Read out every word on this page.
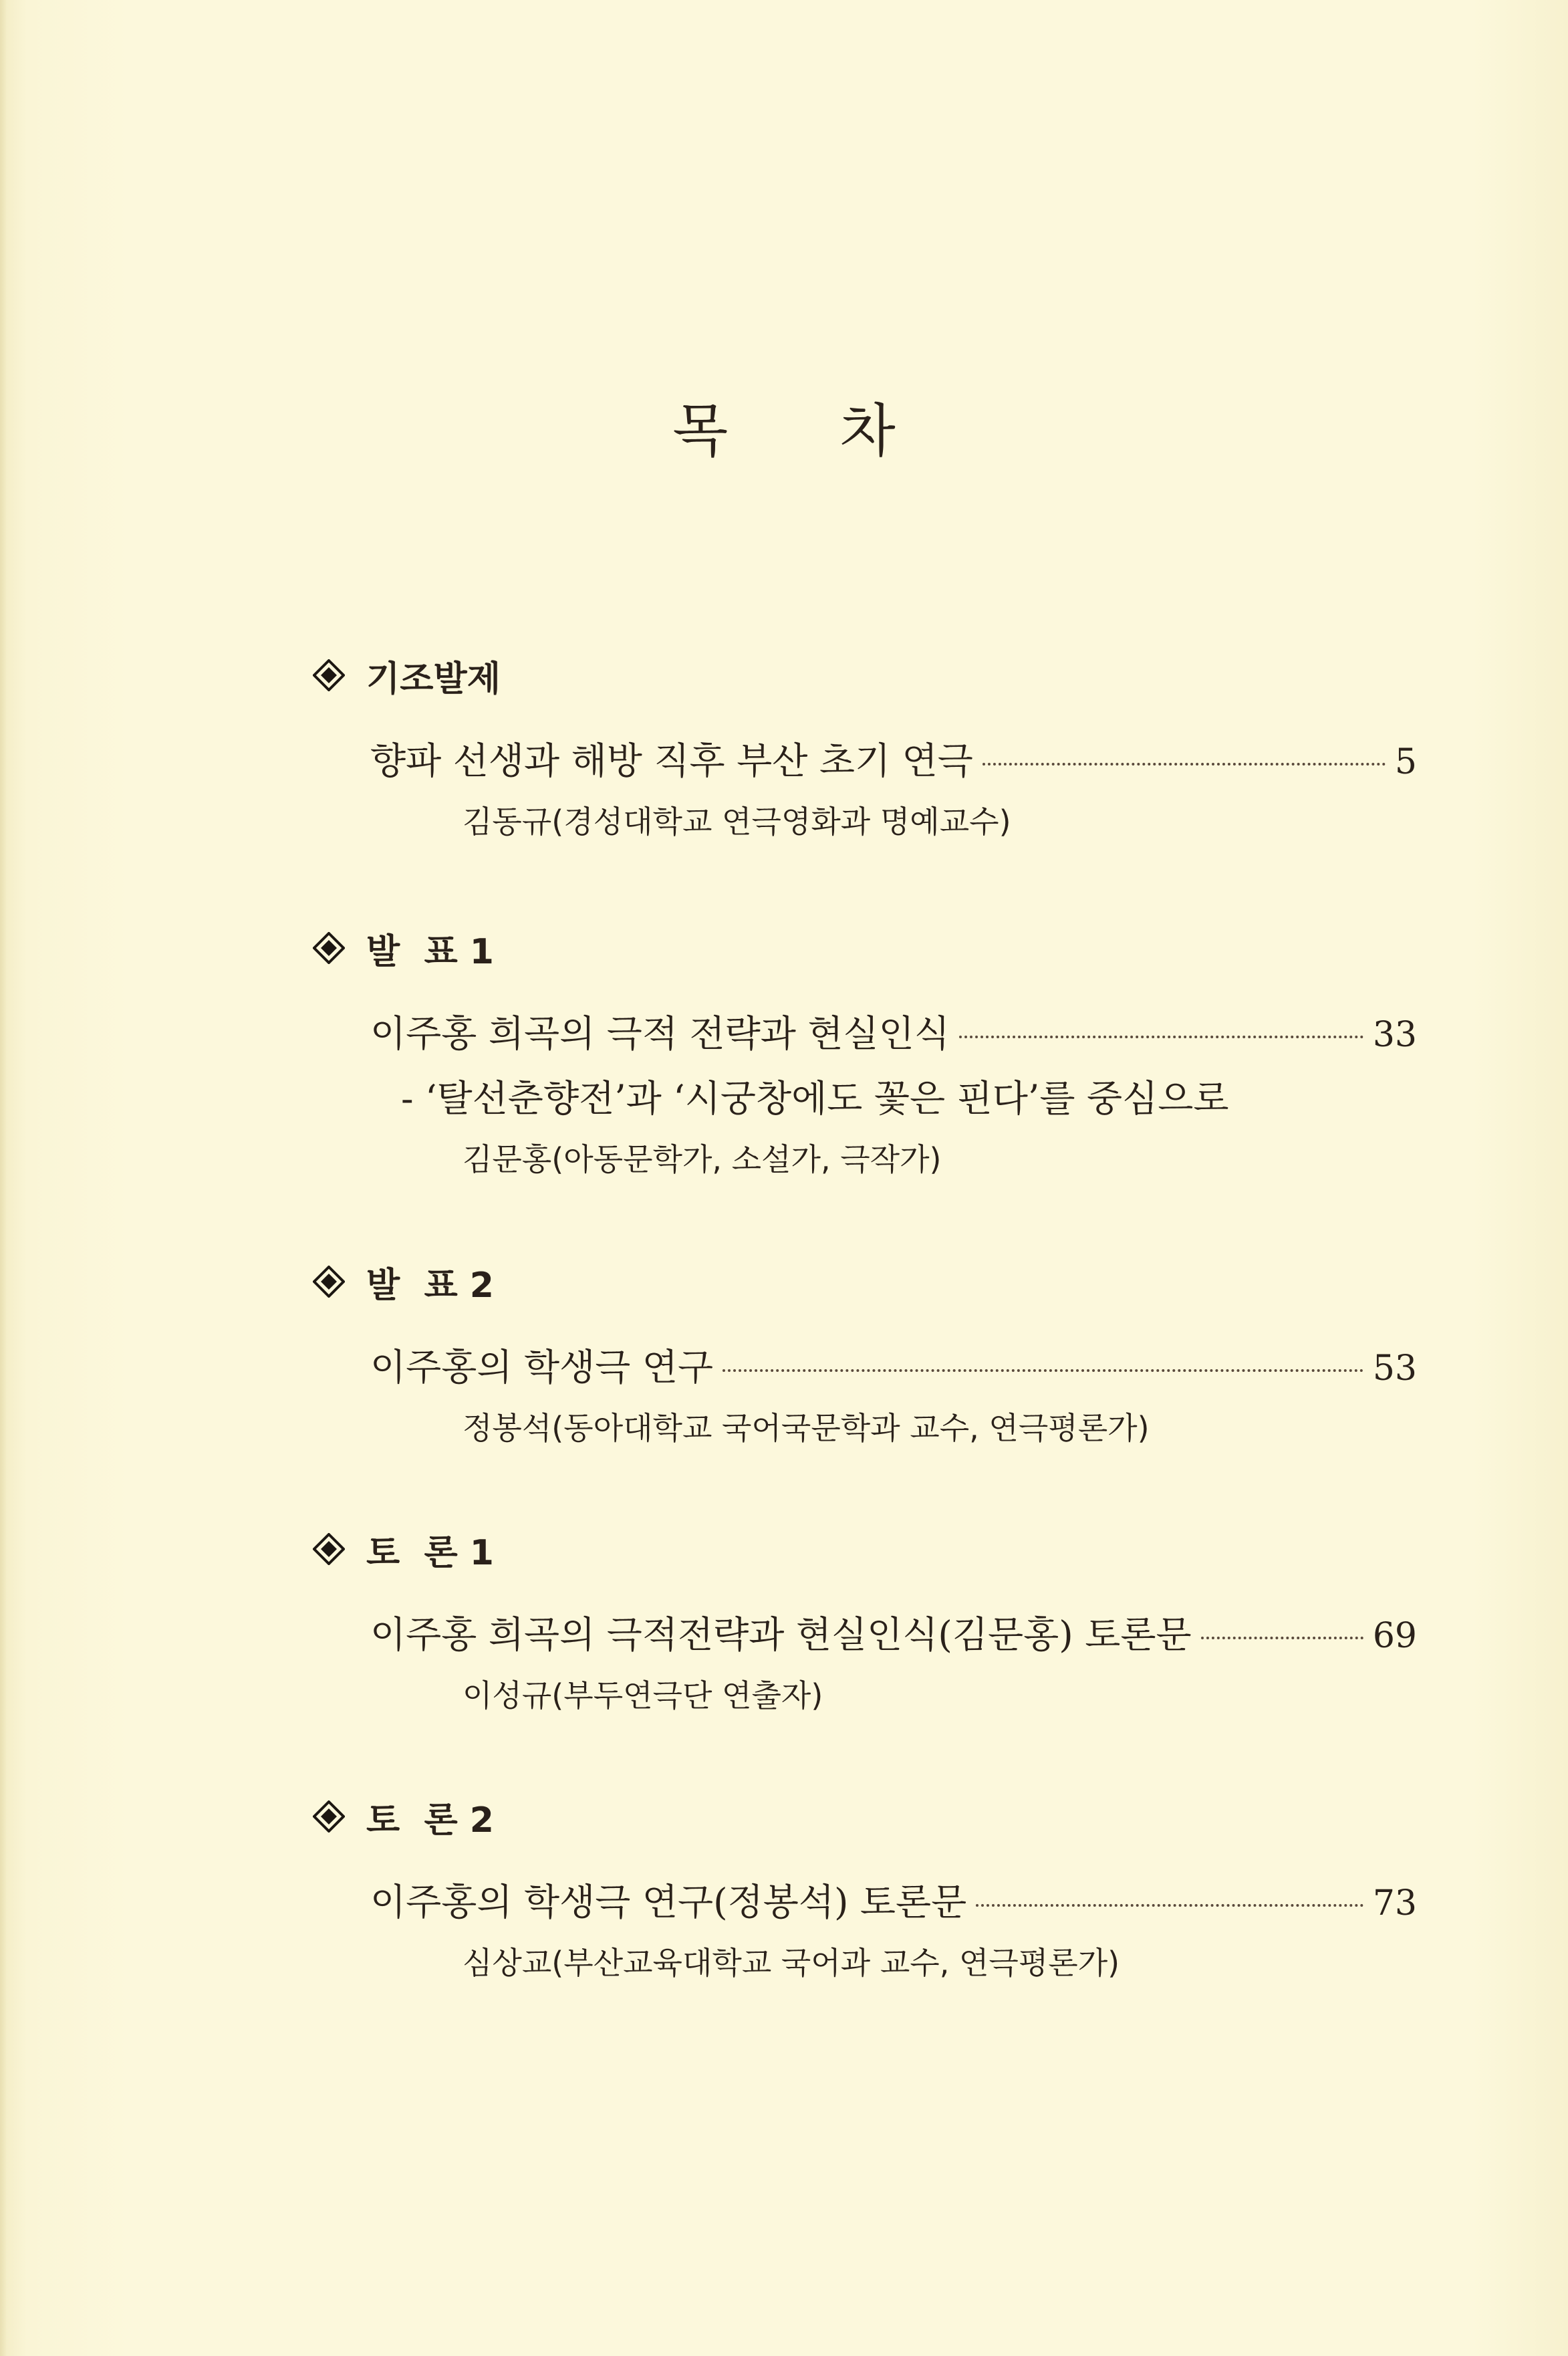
목 차
기조발제
향파 선생과 해방 직후 부산 초기 연극	5
김동규(경성대학교 연극영화과 명예교수)
발  표 1
이주홍 희곡의 극적 전략과 현실인식	33
- ‘탈선춘향전’과 ‘시궁창에도 꽃은 핀다’를 중심으로
김문홍(아동문학가, 소설가, 극작가)
발  표 2
이주홍의 학생극 연구	53
정봉석(동아대학교 국어국문학과 교수, 연극평론가)
토  론 1
이주홍 희곡의 극적전략과 현실인식(김문홍) 토론문	69
이성규(부두연극단 연출자)
토  론 2
이주홍의 학생극 연구(정봉석) 토론문	73
심상교(부산교육대학교 국어과 교수, 연극평론가)
